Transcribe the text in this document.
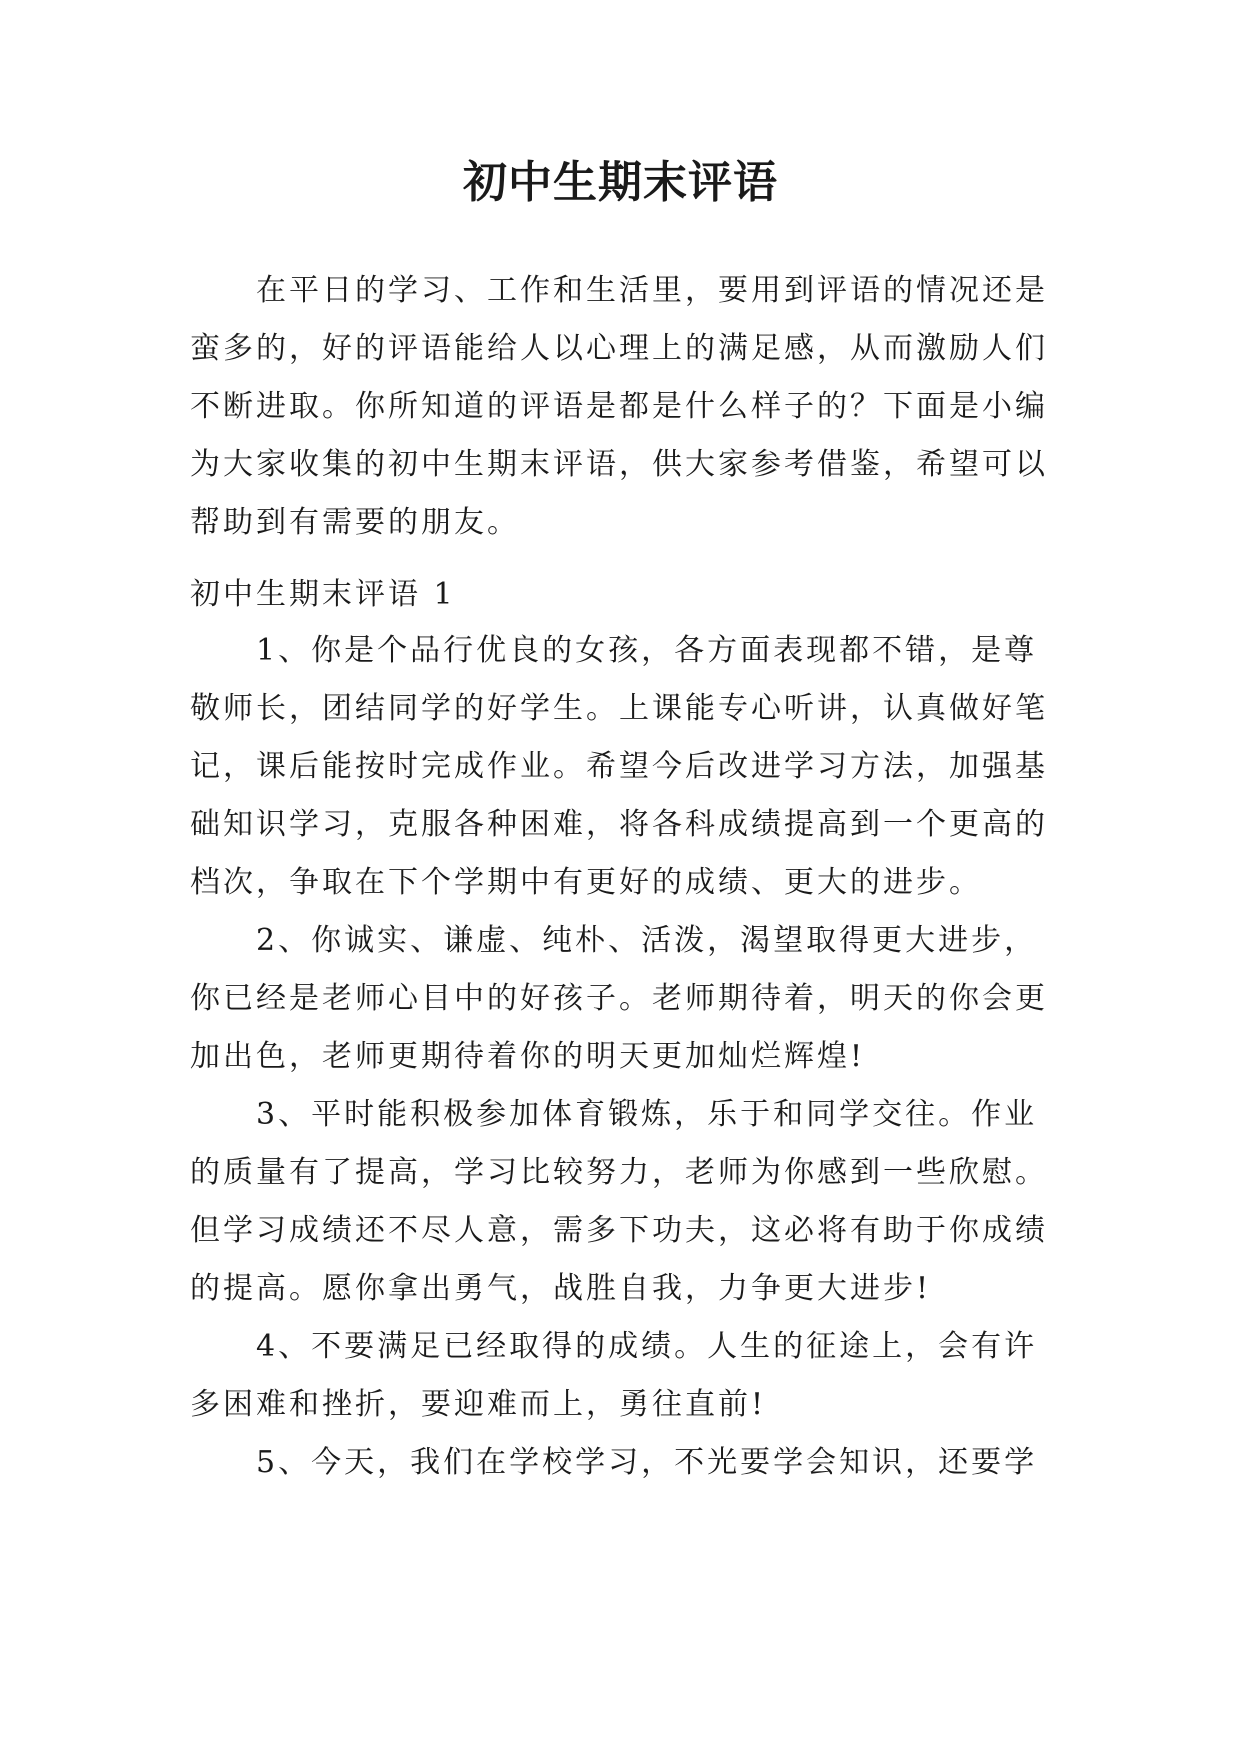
初中生期末评语
在平日的学习、工作和生活里，要用到评语的情况还是
蛮多的，好的评语能给人以心理上的满足感，从而激励人们
不断进取。你所知道的评语是都是什么样子的？下面是小编
为大家收集的初中生期末评语，供大家参考借鉴，希望可以
帮助到有需要的朋友。
初中生期末评语 1
1、你是个品行优良的女孩，各方面表现都不错，是尊
敬师长，团结同学的好学生。上课能专心听讲，认真做好笔
记，课后能按时完成作业。希望今后改进学习方法，加强基
础知识学习，克服各种困难，将各科成绩提高到一个更高的
档次，争取在下个学期中有更好的成绩、更大的进步。
2、你诚实、谦虚、纯朴、活泼，渴望取得更大进步，
你已经是老师心目中的好孩子。老师期待着，明天的你会更
加出色，老师更期待着你的明天更加灿烂辉煌!
3、平时能积极参加体育锻炼，乐于和同学交往。作业
的质量有了提高，学习比较努力，老师为你感到一些欣慰。
但学习成绩还不尽人意，需多下功夫，这必将有助于你成绩
的提高。愿你拿出勇气，战胜自我，力争更大进步!
4、不要满足已经取得的成绩。人生的征途上，会有许
多困难和挫折，要迎难而上，勇往直前!
5、今天，我们在学校学习，不光要学会知识，还要学
